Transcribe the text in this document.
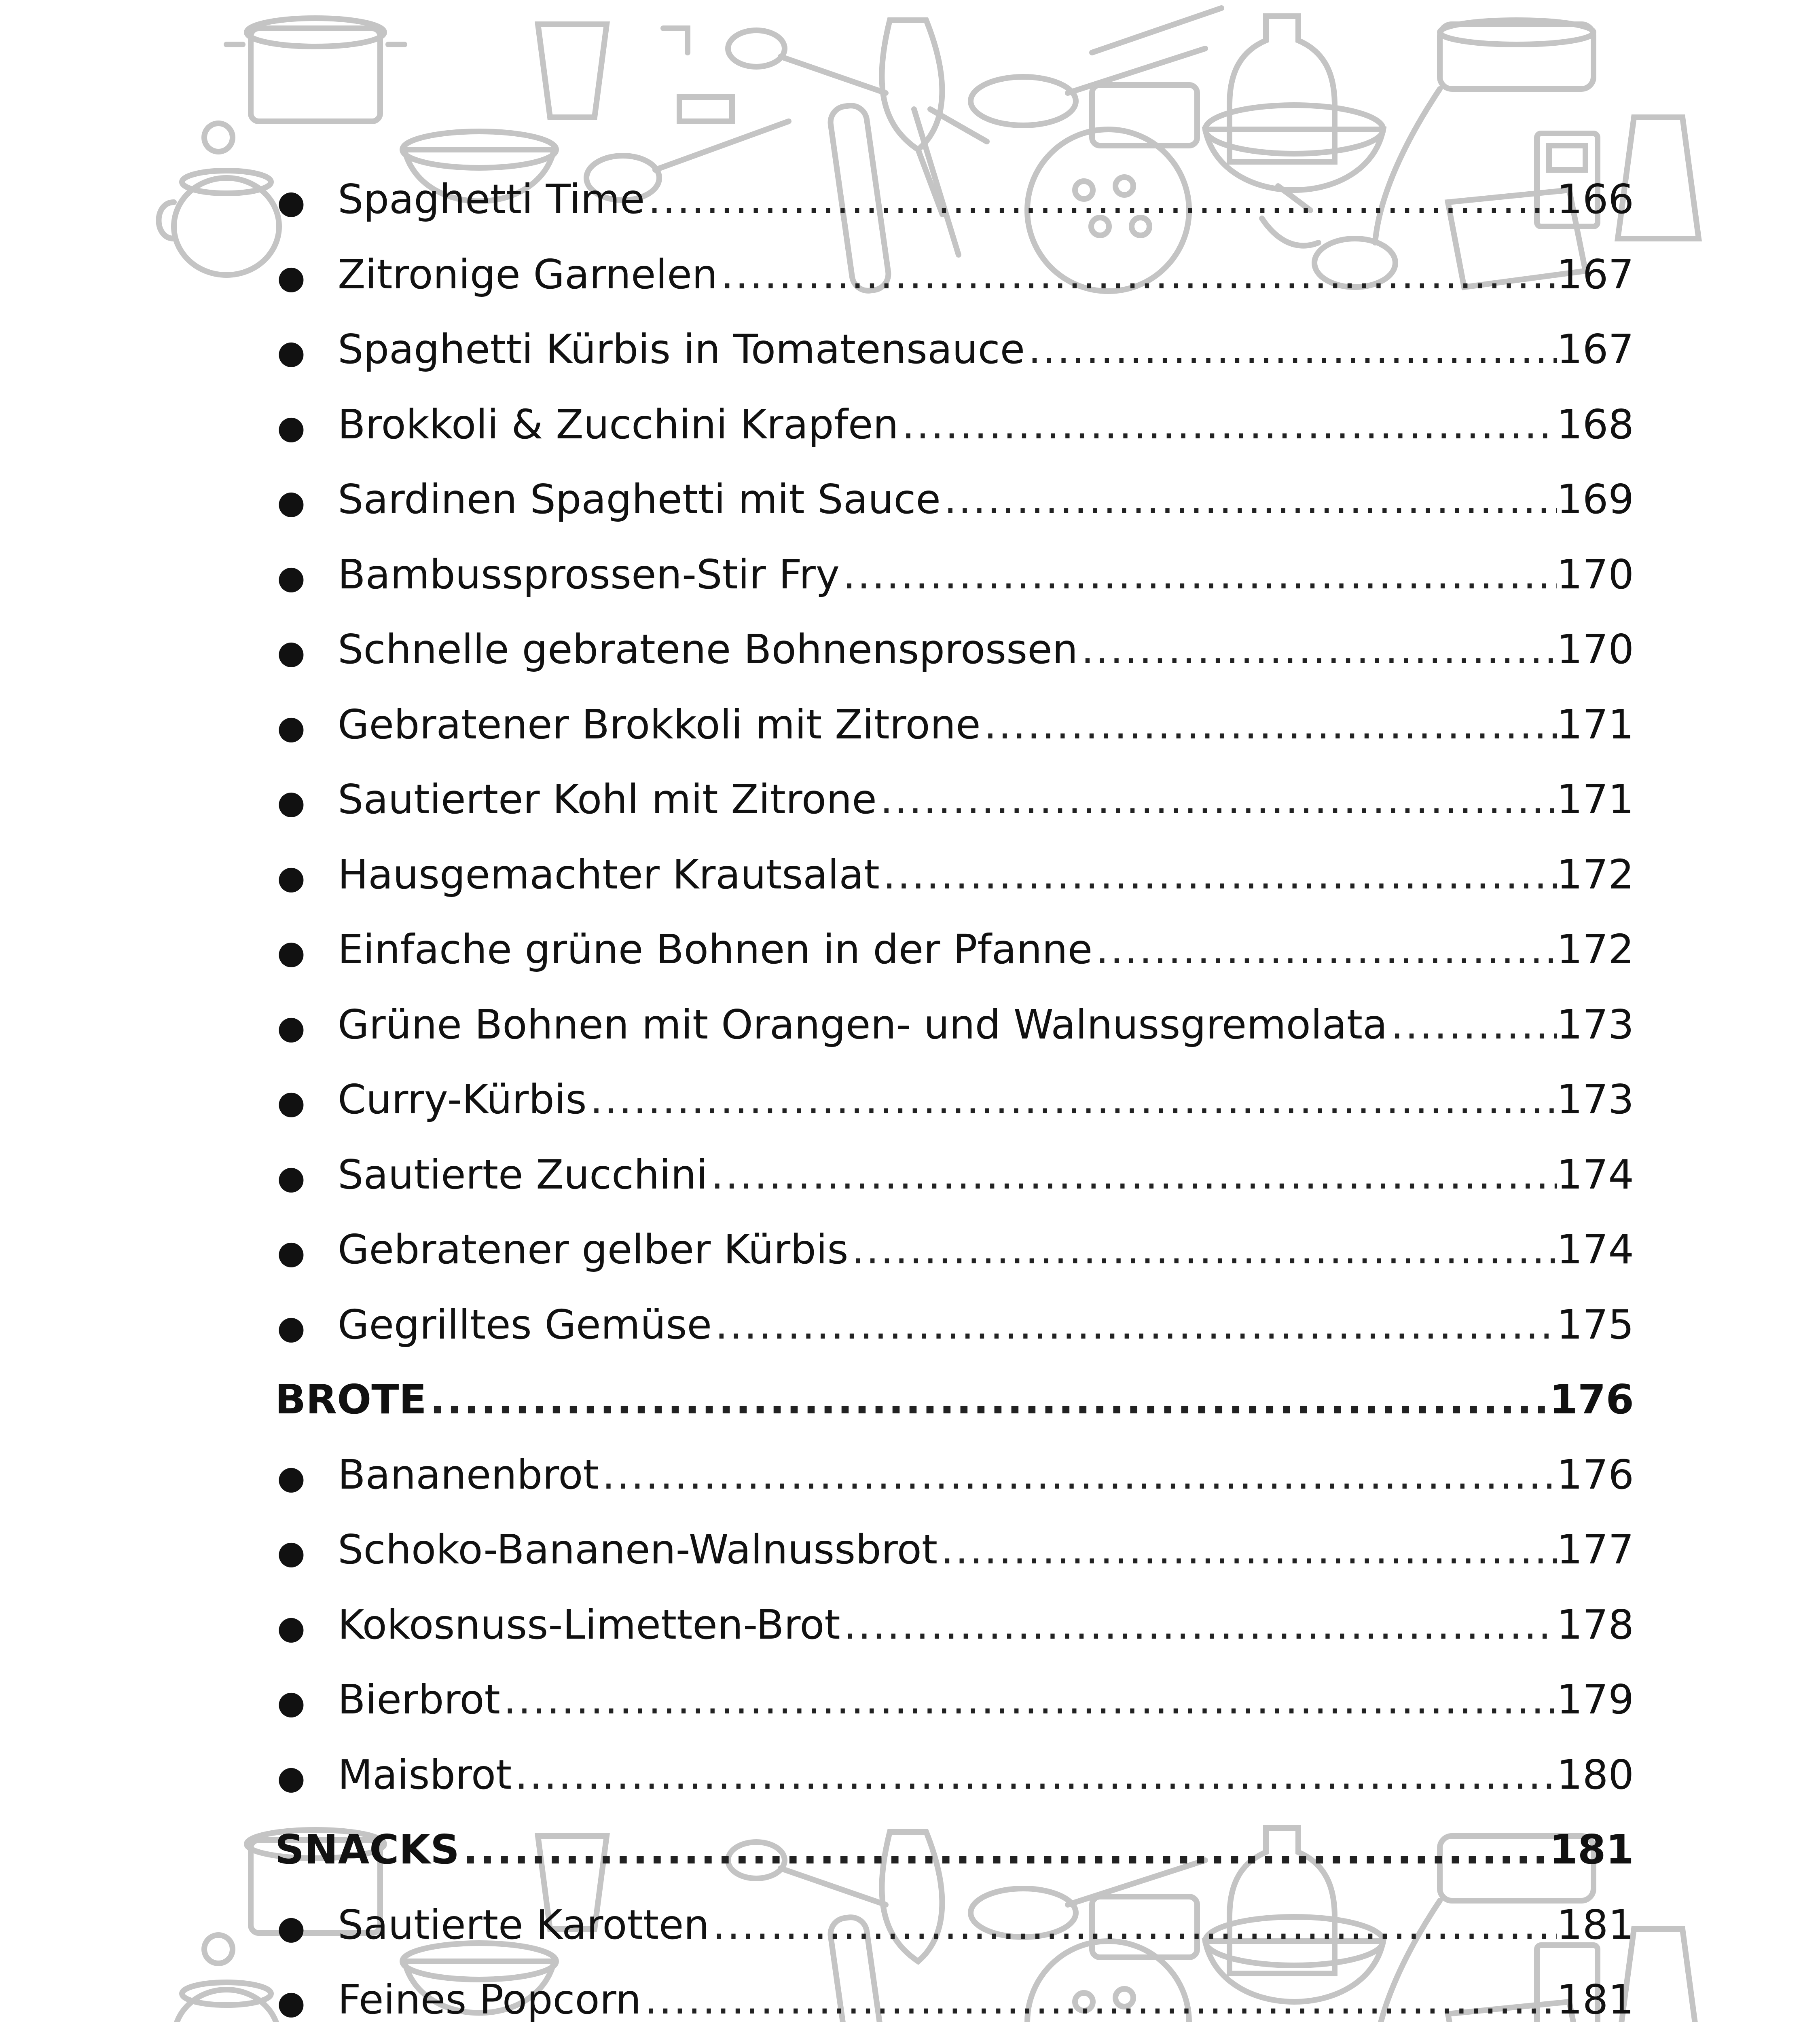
● Spaghetti Time .....	166
● Zitronige Garnelen .....	167
● Spaghetti Kürbis in Tomatensauce .....	167
● Brokkoli & Zucchini Krapfen .....	168
● Sardinen Spaghetti mit Sauce .....	169
● Bambussprossen-Stir Fry .....	170
● Schnelle gebratene Bohnensprossen .....	170
● Gebratener Brokkoli mit Zitrone .....	171
● Sautierter Kohl mit Zitrone .....	171
● Hausgemachter Krautsalat .....	172
● Einfache grüne Bohnen in der Pfanne .....	172
● Grüne Bohnen mit Orangen- und Walnussgremolata .....	173
● Curry-Kürbis .....	173
● Sautierte Zucchini .....	174
● Gebratener gelber Kürbis .....	174
● Gegrilltes Gemüse .....	175
BROTE .....	176
● Bananenbrot .....	176
● Schoko-Bananen-Walnussbrot .....	177
● Kokosnuss-Limetten-Brot .....	178
● Bierbrot .....	179
● Maisbrot .....	180
SNACKS .....	181
● Sautierte Karotten .....	181
● Feines Popcorn .....	181
